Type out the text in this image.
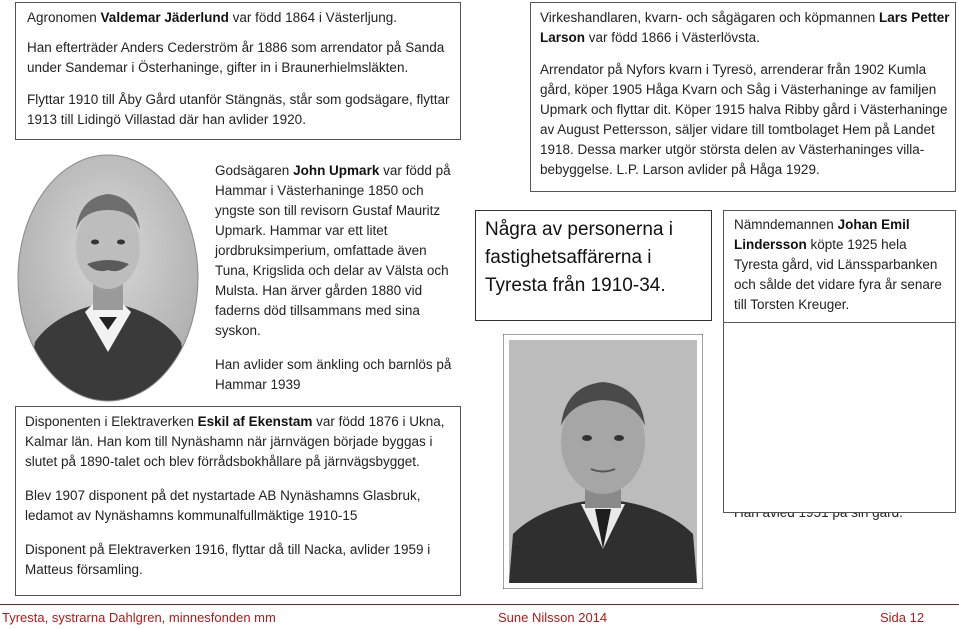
Agronomen Valdemar Jäderlund var född 1864 i Västerljung.

Han efterträder Anders Cederström år 1886 som arrendator på Sanda under Sandemar i Österhaninge, gifter in i Braunerhielmsläkten.

Flyttar 1910 till Åby Gård utanför Stängnäs, står som godsägare, flyttar 1913 till Lidingö Villastad där han avlider 1920.

Godsägaren John Upmark var född på Hammar i Västerhaninge 1850 och yngste son till revisorn Gustaf Mauritz Upmark. Hammar var ett litet jordbruksimperium, omfattade även Tuna, Krigslida och delar av Välsta och Mulsta. Han ärver gården 1880 vid faderns död tillsammans med sina syskon.

Han avlider som änkling och barnlös på Hammar 1939

Disponenten i Elektraverken Eskil af Ekenstam var född 1876 i Ukna, Kalmar län. Han kom till Nynäshamn när järnvägen började byggas i slutet på 1890-talet och blev förrådsbokhållare på järnvägsbygget.

Blev 1907 disponent på det nystartade AB Nynäshamns Glasbruk, ledamot av Nynäshamns kommunalfullmäktige 1910-15

Disponent på Elektraverken 1916, flyttar då till Nacka, avlider 1959 i Matteus församling.

Virkeshandlaren, kvarn- och sågägaren och köpmannen Lars Petter Larson var född 1866 i Västerlövsta.

Arrendator på Nyfors kvarn i Tyresö, arrenderar från 1902 Kumla gård, köper 1905 Håga Kvarn och Såg i Västerhaninge av familjen Upmark och flyttar dit. Köper 1915 halva Ribby gård i Västerhaninge av August Pettersson, säljer vidare till tomtbolaget Hem på Landet 1918. Dessa marker utgör största delen av Västerhaninges villa-bebyggelse. L.P. Larson avlider på Håga 1929.

Några av personerna i fastighetsaffärerna i Tyresta från 1910-34.

Nämndemannen Johan Emil Lindersson köpte 1925 hela Tyresta gård, vid Länssparbanken och sålde det vidare fyra år senare till Torsten Kreuger.

Tyresta, systrarna Dahlgren, minnesfonden mm	Sune Nilsson 2014	Sida 12
